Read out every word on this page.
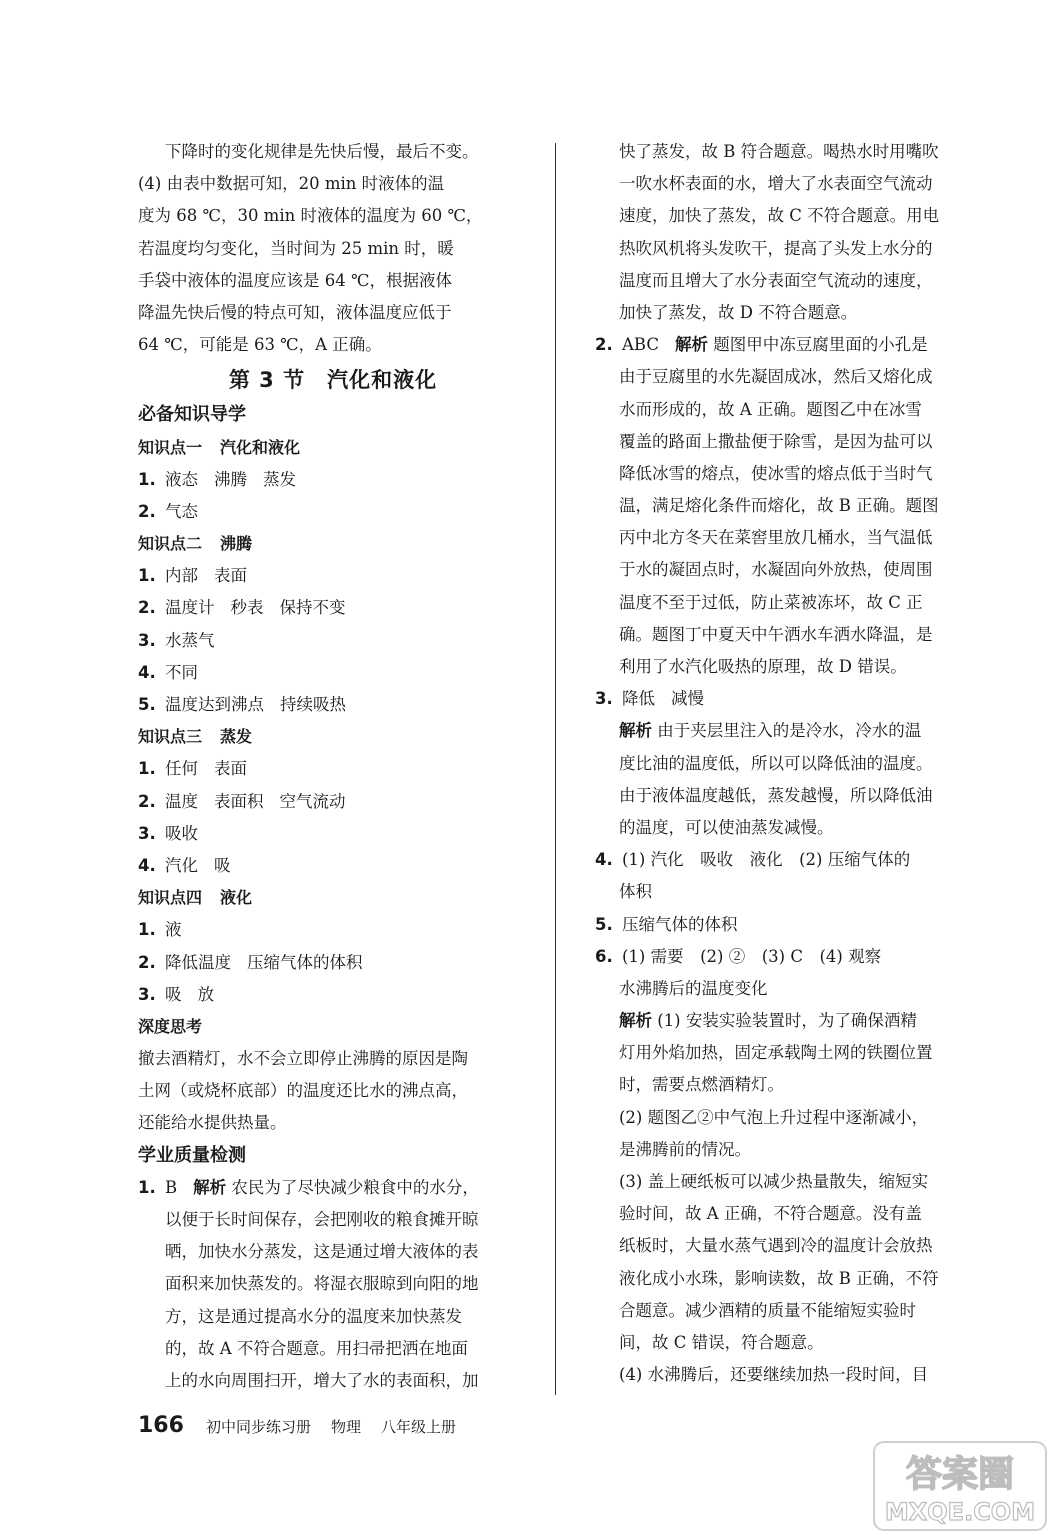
下降时的变化规律是先快后慢，最后不变。
(4) 由表中数据可知，20 min 时液体的温
度为 68 ℃，30 min 时液体的温度为 60 ℃，
若温度均匀变化，当时间为 25 min 时，暖
手袋中液体的温度应该是 64 ℃，根据液体
降温先快后慢的特点可知，液体温度应低于
64 ℃，可能是 63 ℃，A 正确。
第 3 节　汽化和液化
必备知识导学
知识点一 汽化和液化
1. 液态 沸腾 蒸发
2. 气态
知识点二 沸腾
1. 内部 表面
2. 温度计 秒表 保持不变
3. 水蒸气
4. 不同
5. 温度达到沸点 持续吸热
知识点三 蒸发
1. 任何 表面
2. 温度 表面积 空气流动
3. 吸收
4. 汽化 吸
知识点四 液化
1. 液
2. 降低温度 压缩气体的体积
3. 吸 放
深度思考
撤去酒精灯，水不会立即停止沸腾的原因是陶
土网（或烧杯底部）的温度还比水的沸点高，
还能给水提供热量。
学业质量检测
1. B 解析 农民为了尽快减少粮食中的水分，
以便于长时间保存，会把刚收的粮食摊开晾
晒，加快水分蒸发，这是通过增大液体的表
面积来加快蒸发的。将湿衣服晾到向阳的地
方，这是通过提高水分的温度来加快蒸发
的，故 A 不符合题意。用扫帚把洒在地面
上的水向周围扫开，增大了水的表面积，加
快了蒸发，故 B 符合题意。喝热水时用嘴吹
一吹水杯表面的水，增大了水表面空气流动
速度，加快了蒸发，故 C 不符合题意。用电
热吹风机将头发吹干，提高了头发上水分的
温度而且增大了水分表面空气流动的速度，
加快了蒸发，故 D 不符合题意。
2. ABC 解析 题图甲中冻豆腐里面的小孔是
由于豆腐里的水先凝固成冰，然后又熔化成
水而形成的，故 A 正确。题图乙中在冰雪
覆盖的路面上撒盐便于除雪，是因为盐可以
降低冰雪的熔点，使冰雪的熔点低于当时气
温，满足熔化条件而熔化，故 B 正确。题图
丙中北方冬天在菜窖里放几桶水，当气温低
于水的凝固点时，水凝固向外放热，使周围
温度不至于过低，防止菜被冻坏，故 C 正
确。题图丁中夏天中午洒水车洒水降温，是
利用了水汽化吸热的原理，故 D 错误。
3. 降低 减慢
解析 由于夹层里注入的是冷水，冷水的温
度比油的温度低，所以可以降低油的温度。
由于液体温度越低，蒸发越慢，所以降低油
的温度，可以使油蒸发减慢。
4. (1) 汽化　吸收　液化　(2) 压缩气体的
体积
5. 压缩气体的体积
6. (1) 需要　(2) ②　(3) C　(4) 观察
水沸腾后的温度变化
解析 (1) 安装实验装置时，为了确保酒精
灯用外焰加热，固定承载陶土网的铁圈位置
时，需要点燃酒精灯。
(2) 题图乙②中气泡上升过程中逐渐减小，
是沸腾前的情况。
(3) 盖上硬纸板可以减少热量散失，缩短实
验时间，故 A 正确，不符合题意。没有盖
纸板时，大量水蒸气遇到冷的温度计会放热
液化成小水珠，影响读数，故 B 正确，不符
合题意。减少酒精的质量不能缩短实验时
间，故 C 错误，符合题意。
(4) 水沸腾后，还要继续加热一段时间，目
166 初中同步练习册 物理 八年级上册
答案圈
MXQE.COM
